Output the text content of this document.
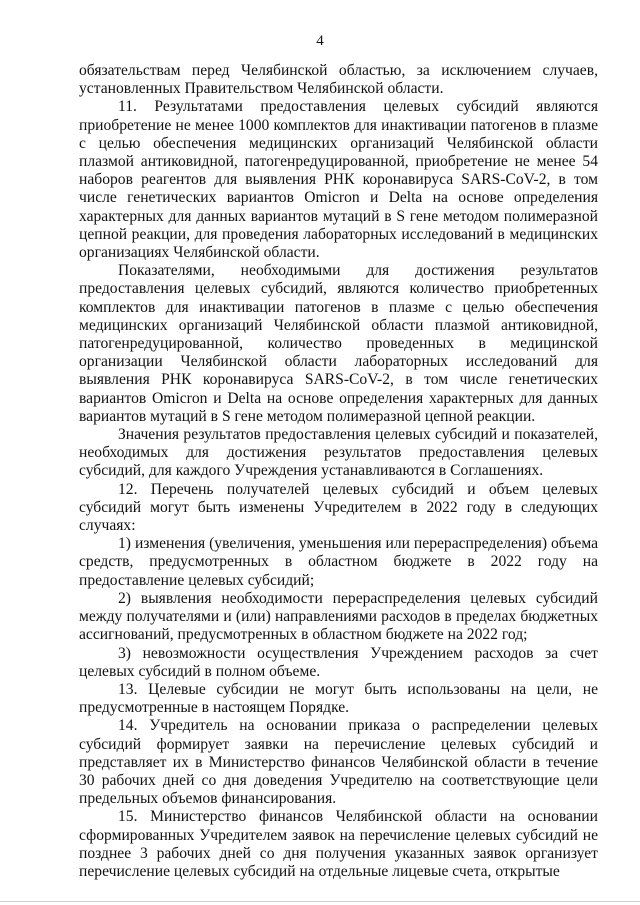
4

обязательствам перед Челябинской областью, за исключением случаев, установленных Правительством Челябинской области.

11. Результатами предоставления целевых субсидий являются приобретение не менее 1000 комплектов для инактивации патогенов в плазме с целью обеспечения медицинских организаций Челябинской области плазмой антиковидной, патогенредуцированной, приобретение не менее 54 наборов реагентов для выявления РНК коронавируса SARS-CoV-2, в том числе генетических вариантов Omicron и Delta на основе определения характерных для данных вариантов мутаций в S гене методом полимеразной цепной реакции, для проведения лабораторных исследований в медицинских организациях Челябинской области.

Показателями, необходимыми для достижения результатов предоставления целевых субсидий, являются количество приобретенных комплектов для инактивации патогенов в плазме с целью обеспечения медицинских организаций Челябинской области плазмой антиковидной, патогенредуцированной, количество проведенных в медицинской организации Челябинской области лабораторных исследований для выявления РНК коронавируса SARS-CoV-2, в том числе генетических вариантов Omicron и Delta на основе определения характерных для данных вариантов мутаций в S гене методом полимеразной цепной реакции.

Значения результатов предоставления целевых субсидий и показателей, необходимых для достижения результатов предоставления целевых субсидий, для каждого Учреждения устанавливаются в Соглашениях.

12. Перечень получателей целевых субсидий и объем целевых субсидий могут быть изменены Учредителем в 2022 году в следующих случаях:

1) изменения (увеличения, уменьшения или перераспределения) объема средств, предусмотренных в областном бюджете в 2022 году на предоставление целевых субсидий;

2) выявления необходимости перераспределения целевых субсидий между получателями и (или) направлениями расходов в пределах бюджетных ассигнований, предусмотренных в областном бюджете на 2022 год;

3) невозможности осуществления Учреждением расходов за счет целевых субсидий в полном объеме.

13. Целевые субсидии не могут быть использованы на цели, не предусмотренные в настоящем Порядке.

14. Учредитель на основании приказа о распределении целевых субсидий формирует заявки на перечисление целевых субсидий и представляет их в Министерство финансов Челябинской области в течение 30 рабочих дней со дня доведения Учредителю на соответствующие цели предельных объемов финансирования.

15. Министерство финансов Челябинской области на основании сформированных Учредителем заявок на перечисление целевых субсидий не позднее 3 рабочих дней со дня получения указанных заявок организует перечисление целевых субсидий на отдельные лицевые счета, открытые
